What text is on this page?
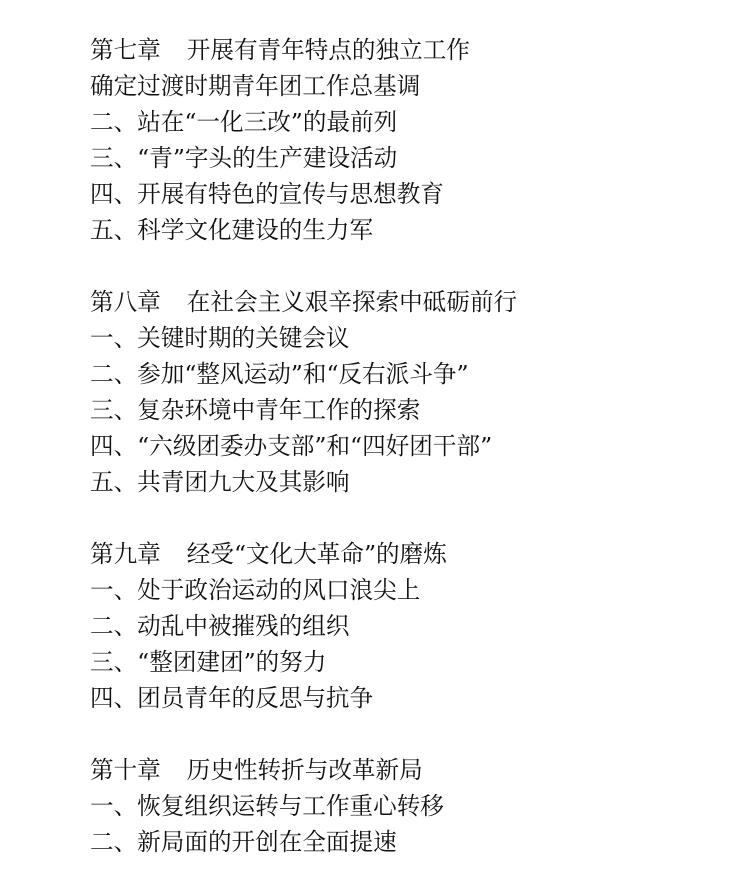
第七章 开展有青年特点的独立工作
确定过渡时期青年团工作总基调
二、站在“一化三改”的最前列
三、“青”字头的生产建设活动
四、开展有特色的宣传与思想教育
五、科学文化建设的生力军
第八章 在社会主义艰辛探索中砥砺前行
一、关键时期的关键会议
二、参加“整风运动”和“反右派斗争”
三、复杂环境中青年工作的探索
四、“六级团委办支部”和“四好团干部”
五、共青团九大及其影响
第九章 经受“文化大革命”的磨炼
一、处于政治运动的风口浪尖上
二、动乱中被摧残的组织
三、“整团建团”的努力
四、团员青年的反思与抗争
第十章 历史性转折与改革新局
一、恢复组织运转与工作重心转移
二、新局面的开创在全面提速
